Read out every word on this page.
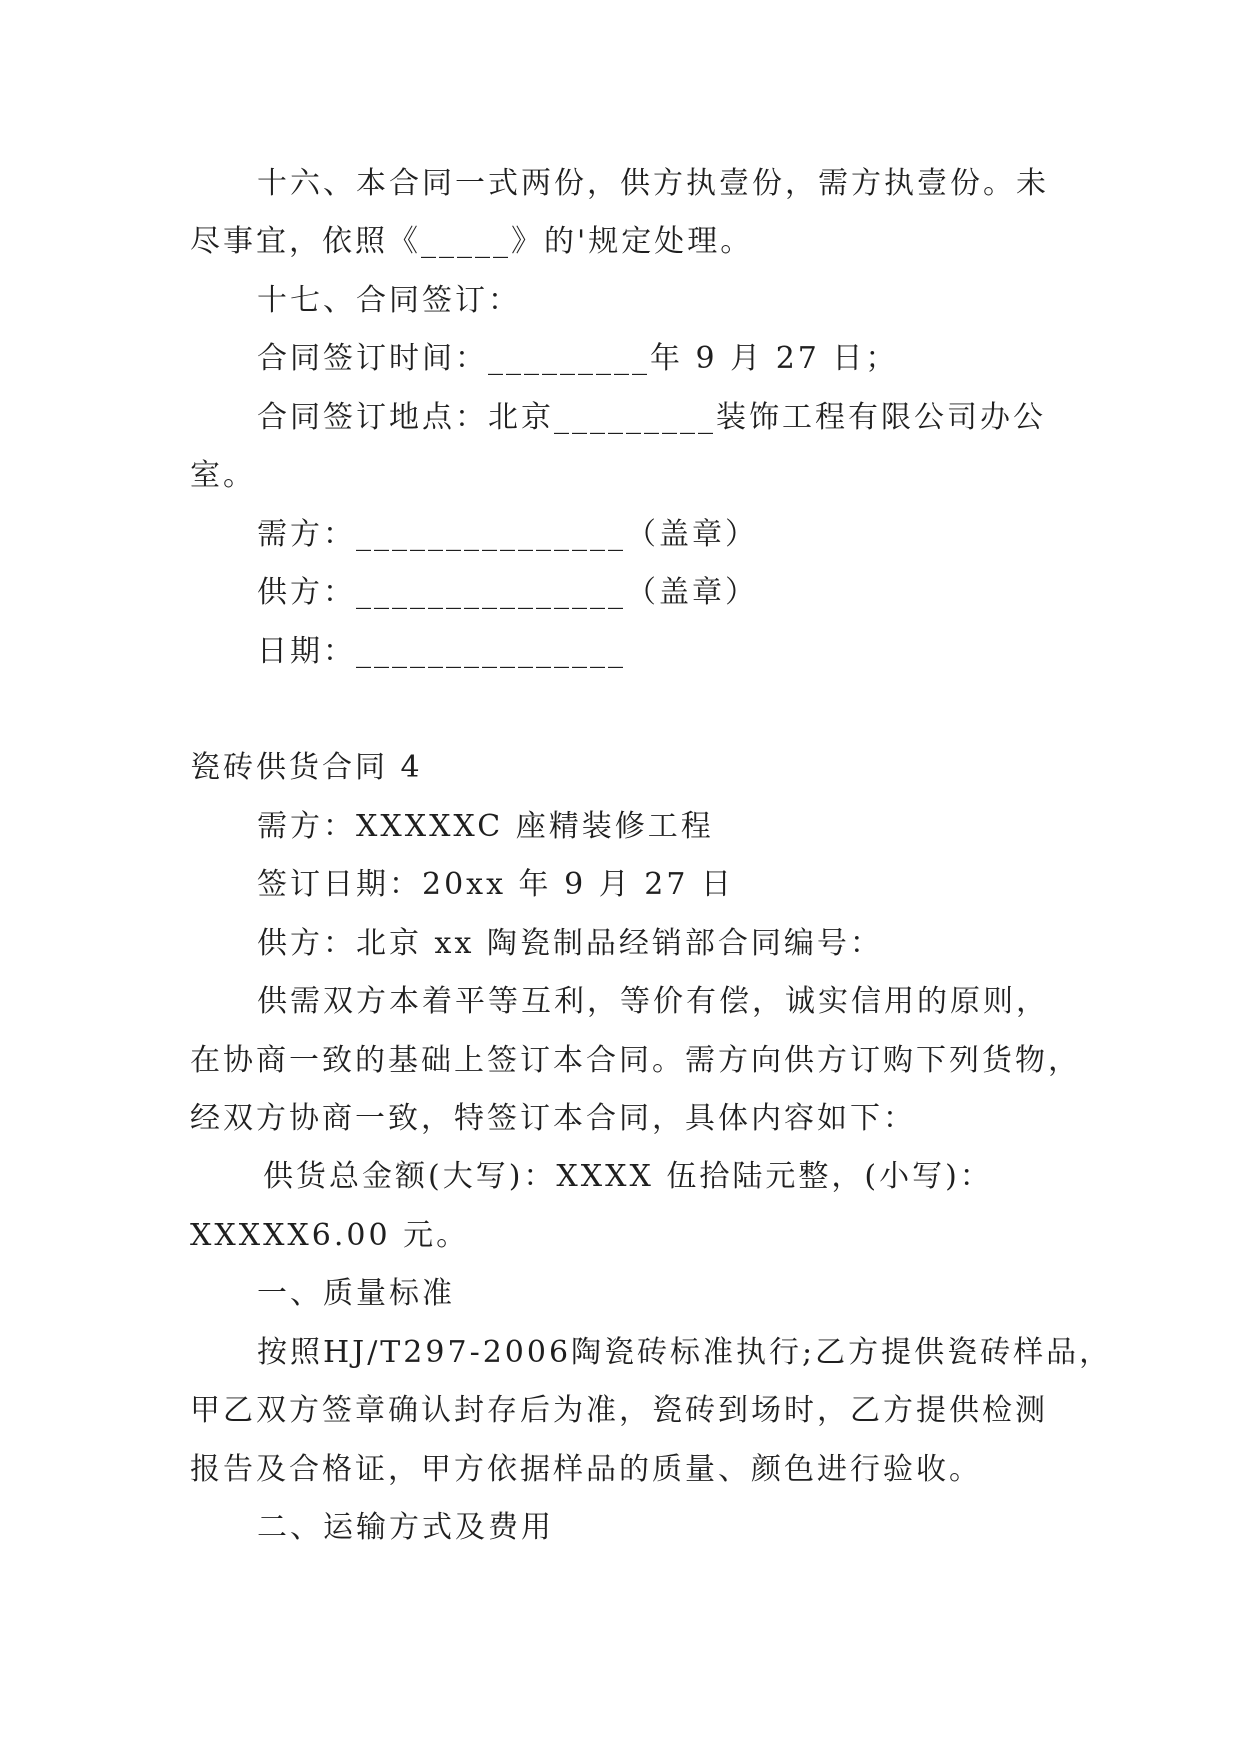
十六、本合同一式两份，供方执壹份，需方执壹份。未
尽事宜，依照《_____》的'规定处理。
十七、合同签订：
合同签订时间：_________年 9 月 27 日；
合同签订地点：北京_________装饰工程有限公司办公
室。
需方：_______________（盖章）
供方：_______________（盖章）
日期：_______________
瓷砖供货合同 4
需方：XXXXXC 座精装修工程
签订日期：20xx 年 9 月 27 日
供方：北京 xx 陶瓷制品经销部合同编号：
供需双方本着平等互利，等价有偿，诚实信用的原则，
在协商一致的基础上签订本合同。需方向供方订购下列货物，
经双方协商一致，特签订本合同，具体内容如下：
供货总金额(大写)：XXXX 伍拾陆元整，(小写)：
XXXXX6.00 元。
一、质量标准
按照HJ/T297-2006陶瓷砖标准执行;乙方提供瓷砖样品，
甲乙双方签章确认封存后为准，瓷砖到场时，乙方提供检测
报告及合格证，甲方依据样品的质量、颜色进行验收。
二、运输方式及费用
